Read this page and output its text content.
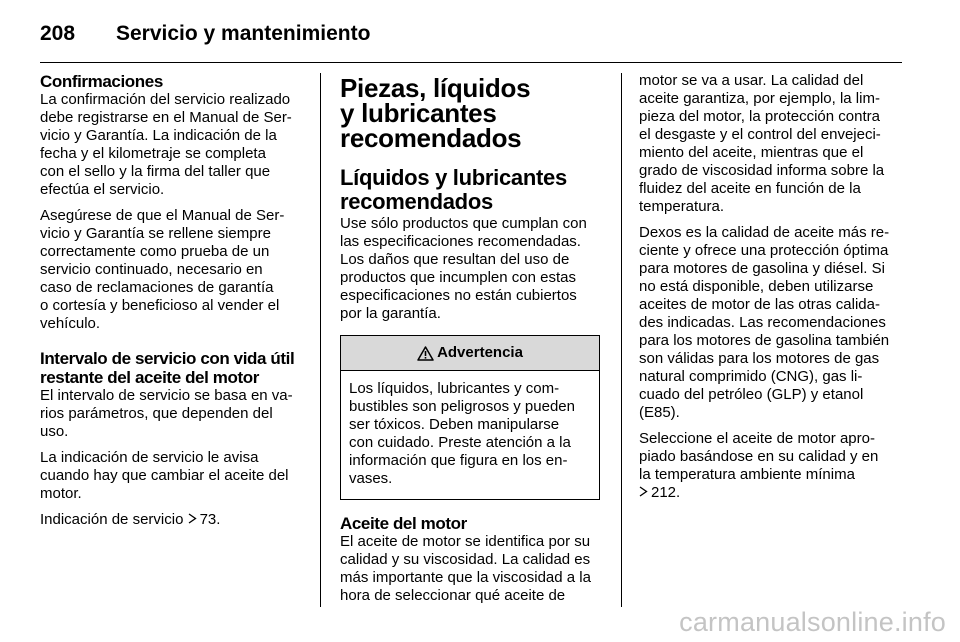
208 Servicio y mantenimiento
Confirmaciones

La confirmación del servicio realizado
debe registrarse en el Manual de Ser-
vicio y Garantía. La indicación de la
fecha y el kilometraje se completa
con el sello y la firma del taller que
efectúa el servicio.

Asegúrese de que el Manual de Ser-
vicio y Garantía se rellene siempre
correctamente como prueba de un
servicio continuado, necesario en
caso de reclamaciones de garantía
o cortesía y beneficioso al vender el
vehículo.

Intervalo de servicio con vida útil
restante del aceite del motor

El intervalo de servicio se basa en va-
rios parámetros, que dependen del
uso.

La indicación de servicio le avisa
cuando hay que cambiar el aceite del
motor.

Indicación de servicio 73.

Piezas, líquidos
y lubricantes
recomendados
Líquidos y lubricantes
recomendados

Use sólo productos que cumplan con
las especificaciones recomendadas.
Los daños que resultan del uso de
productos que incumplen con estas
especificaciones no están cubiertos
por la garantía.

Advertencia
Los líquidos, lubricantes y com-
bustibles son peligrosos y pueden
ser tóxicos. Deben manipularse
con cuidado. Preste atención a la
información que figura en los en-
vases.
Aceite del motor

El aceite de motor se identifica por su
calidad y su viscosidad. La calidad es
más importante que la viscosidad a la
hora de seleccionar qué aceite de

motor se va a usar. La calidad del
aceite garantiza, por ejemplo, la lim-
pieza del motor, la protección contra
el desgaste y el control del envejeci-
miento del aceite, mientras que el
grado de viscosidad informa sobre la
fluidez del aceite en función de la
temperatura.

Dexos es la calidad de aceite más re-
ciente y ofrece una protección óptima
para motores de gasolina y diésel. Si
no está disponible, deben utilizarse
aceites de motor de las otras calida-
des indicadas. Las recomendaciones
para los motores de gasolina también
son válidas para los motores de gas
natural comprimido (CNG), gas li-
cuado del petróleo (GLP) y etanol
(E85).

Seleccione el aceite de motor apro-
piado basándose en su calidad y en
la temperatura ambiente mínima
212.

carmanualsonline.info
